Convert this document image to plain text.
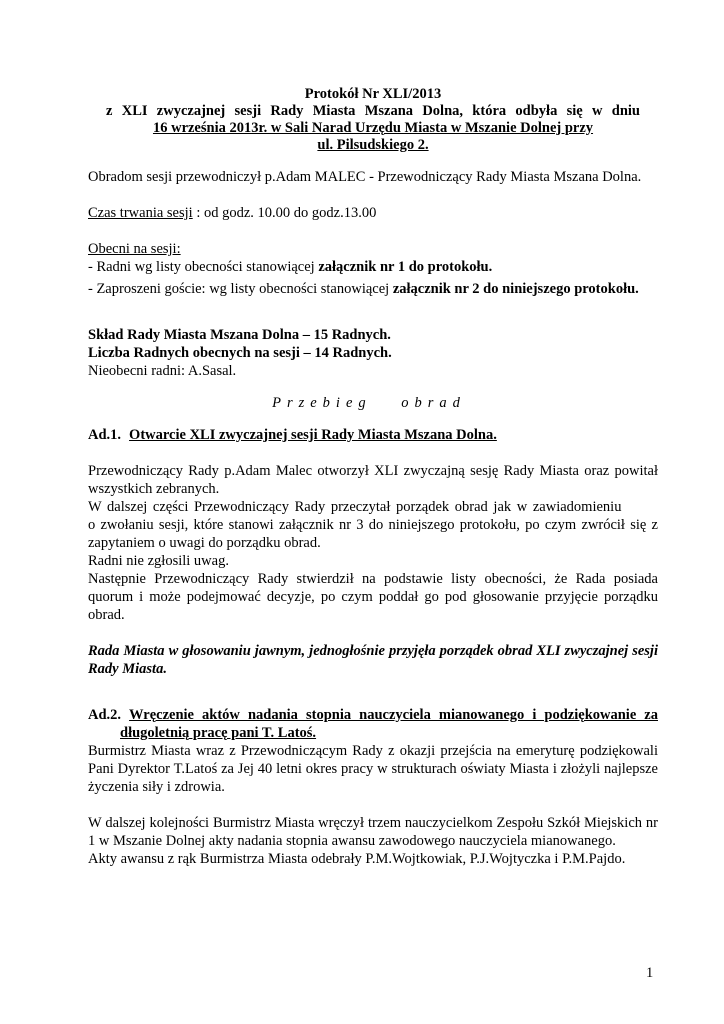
Protokół Nr XLI/2013

z XLI zwyczajnej sesji Rady Miasta Mszana Dolna, która odbyła się w dniu

16 września 2013r. w Sali Narad Urzędu Miasta w Mszanie Dolnej przy

ul. Pilsudskiego 2.

Obradom sesji przewodniczył p.Adam MALEC - Przewodniczący Rady Miasta Mszana Dolna.

Czas trwania sesji : od godz. 10.00 do godz.13.00

Obecni na sesji:

- Radni wg listy obecności stanowiącej załącznik nr 1 do protokołu.

- Zaproszeni goście: wg listy obecności stanowiącej załącznik nr 2 do niniejszego protokołu.

Skład Rady Miasta Mszana Dolna – 15 Radnych.

Liczba Radnych obecnych na sesji – 14 Radnych.

Nieobecni radni: A.Sasal.

Przebieg obrad

Ad.1. Otwarcie XLI zwyczajnej sesji Rady Miasta Mszana Dolna.

Przewodniczący Rady p.Adam Malec otworzył XLI zwyczajną sesję Rady Miasta oraz powitał wszystkich zebranych.

W dalszej części Przewodniczący Rady przeczytał porządek obrad jak w zawiadomieniu

o zwołaniu sesji, które stanowi załącznik nr 3 do niniejszego protokołu, po czym zwrócił się z zapytaniem o uwagi do porządku obrad.

Radni nie zgłosili uwag.

Następnie Przewodniczący Rady stwierdził na podstawie listy obecności, że Rada posiada quorum i może podejmować decyzje, po czym poddał go pod głosowanie przyjęcie porządku obrad.

Rada Miasta w głosowaniu jawnym, jednogłośnie przyjęła porządek obrad XLI zwyczajnej sesji Rady Miasta.

Ad.2. Wręczenie aktów nadania stopnia nauczyciela mianowanego i podziękowanie za

długoletnią pracę pani T. Latoś.

Burmistrz Miasta wraz z Przewodniczącym Rady z okazji przejścia na emeryturę podziękowali Pani Dyrektor T.Latoś za Jej 40 letni okres pracy w strukturach oświaty Miasta i złożyli najlepsze życzenia siły i zdrowia.

W dalszej kolejności Burmistrz Miasta wręczył trzem nauczycielkom Zespołu Szkół Miejskich nr 1 w Mszanie Dolnej akty nadania stopnia awansu zawodowego nauczyciela mianowanego.

Akty awansu z rąk Burmistrza Miasta odebrały P.M.Wojtkowiak, P.J.Wojtyczka i P.M.Pajdo.

1
